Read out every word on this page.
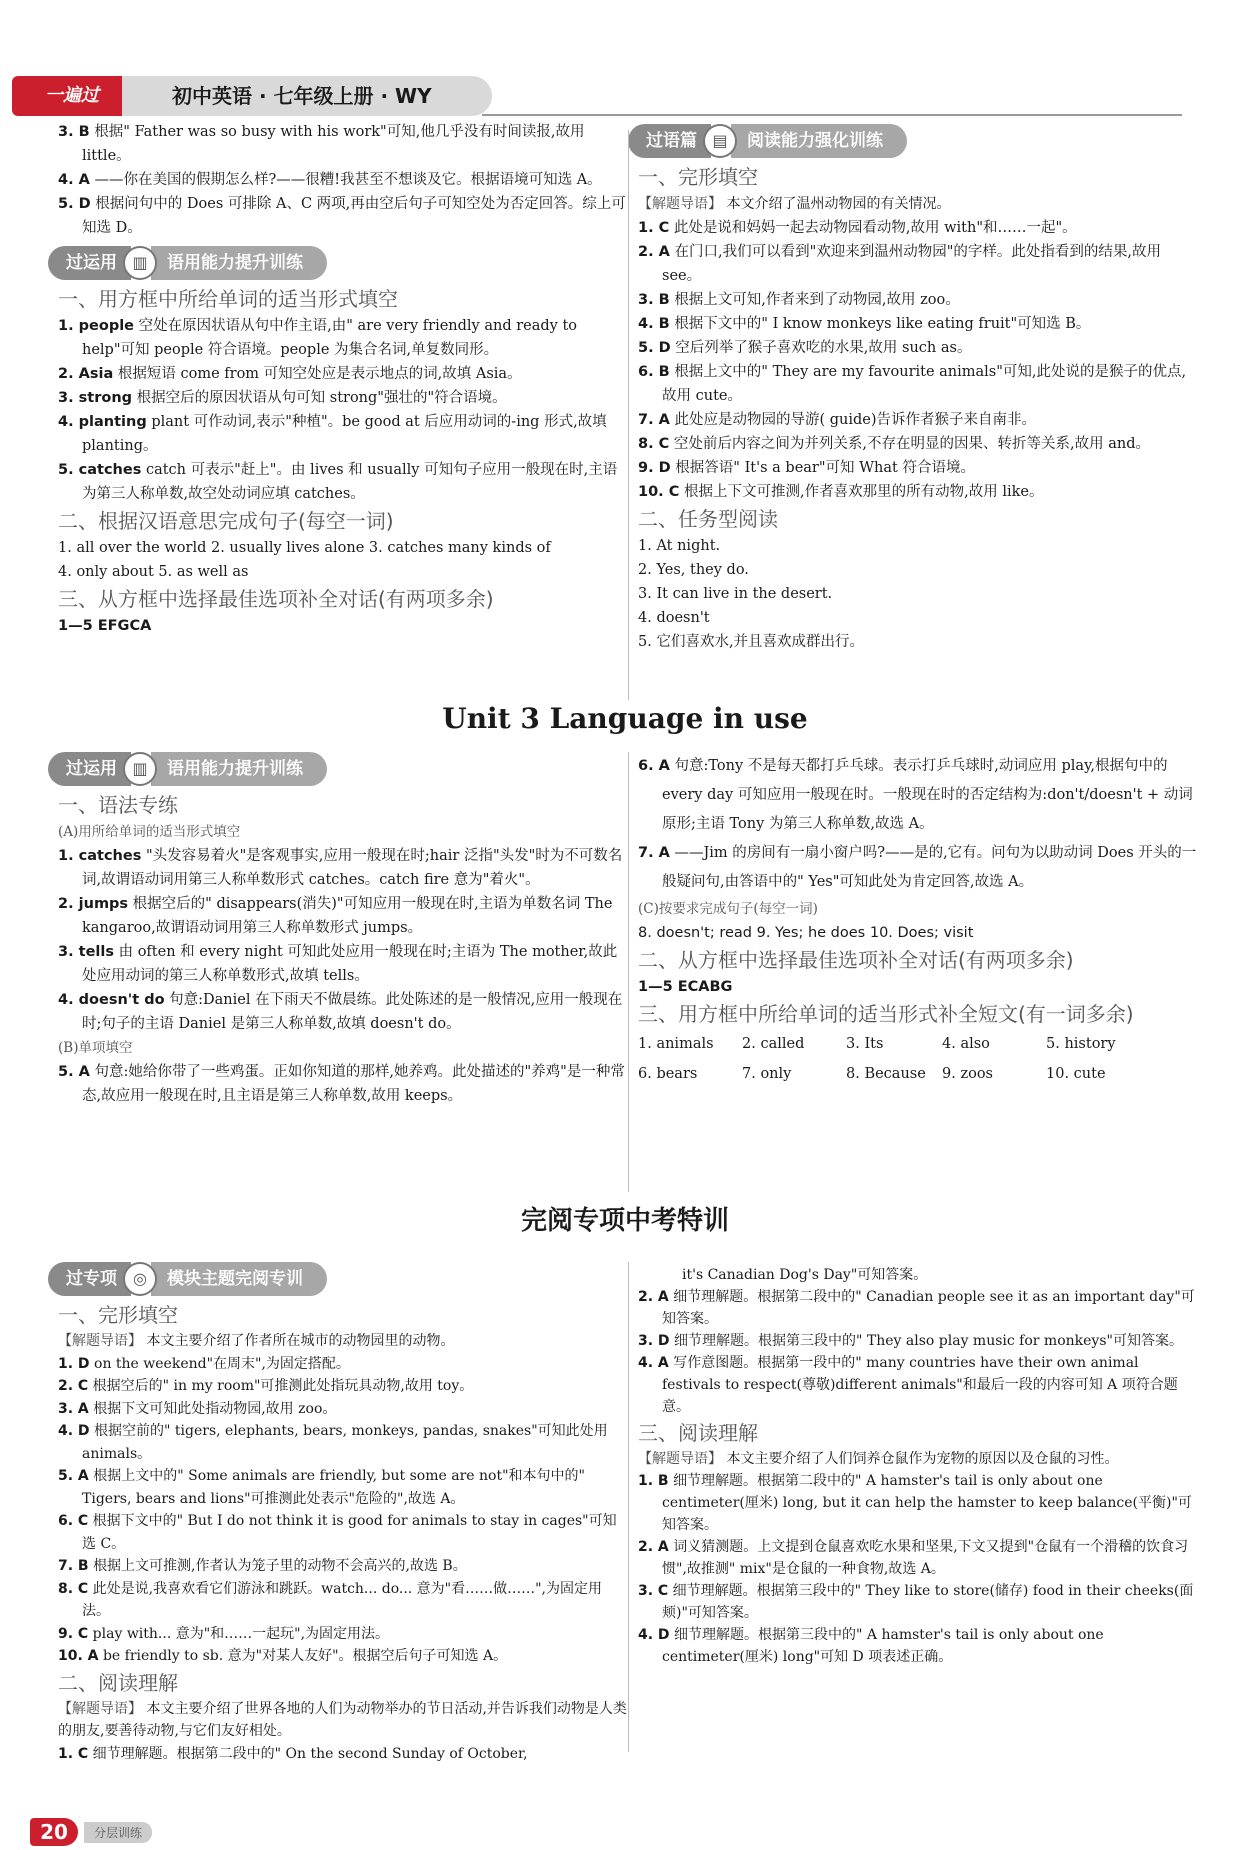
一遍过	初中英语 · 七年级上册 · WY

3. B 根据" Father was so busy with his work"可知,他几乎没有时间读报,故用 little。

4. A ——你在美国的假期怎么样?——很糟!我甚至不想谈及它。根据语境可知选 A。

5. D 根据问句中的 Does 可排除 A、C 两项,再由空后句子可知空处为否定回答。综上可知选 D。

过运用 ▥	语用能力提升训练

一、用方框中所给单词的适当形式填空

1. people 空处在原因状语从句中作主语,由" are very friendly and ready to help"可知 people 符合语境。people 为集合名词,单复数同形。

2. Asia 根据短语 come from 可知空处应是表示地点的词,故填 Asia。

3. strong 根据空后的原因状语从句可知 strong"强壮的"符合语境。

4. planting plant 可作动词,表示"种植"。be good at 后应用动词的-ing 形式,故填 planting。

5. catches catch 可表示"赶上"。由 lives 和 usually 可知句子应用一般现在时,主语为第三人称单数,故空处动词应填 catches。

二、根据汉语意思完成句子(每空一词)

1. all over the world 2. usually lives alone 3. catches many kinds of

4. only about 5. as well as

三、从方框中选择最佳选项补全对话(有两项多余)

1—5 EFGCA

过语篇 ▤	阅读能力强化训练

一、完形填空

【解题导语】 本文介绍了温州动物园的有关情况。

1. C 此处是说和妈妈一起去动物园看动物,故用 with"和……一起"。

2. A 在门口,我们可以看到"欢迎来到温州动物园"的字样。此处指看到的结果,故用 see。

3. B 根据上文可知,作者来到了动物园,故用 zoo。

4. B 根据下文中的" I know monkeys like eating fruit"可知选 B。

5. D 空后列举了猴子喜欢吃的水果,故用 such as。

6. B 根据上文中的" They are my favourite animals"可知,此处说的是猴子的优点,故用 cute。

7. A 此处应是动物园的导游( guide)告诉作者猴子来自南非。

8. C 空处前后内容之间为并列关系,不存在明显的因果、转折等关系,故用 and。

9. D 根据答语" It's a bear"可知 What 符合语境。

10. C 根据上下文可推测,作者喜欢那里的所有动物,故用 like。

二、任务型阅读

1. At night.

2. Yes, they do.

3. It can live in the desert.

4. doesn't

5. 它们喜欢水,并且喜欢成群出行。

Unit 3 Language in use
过运用 ▥	语用能力提升训练

一、语法专练

(A)用所给单词的适当形式填空

1. catches "头发容易着火"是客观事实,应用一般现在时;hair 泛指"头发"时为不可数名词,故谓语动词用第三人称单数形式 catches。catch fire 意为"着火"。

2. jumps 根据空后的" disappears(消失)"可知应用一般现在时,主语为单数名词 The kangaroo,故谓语动词用第三人称单数形式 jumps。

3. tells 由 often 和 every night 可知此处应用一般现在时;主语为 The mother,故此处应用动词的第三人称单数形式,故填 tells。

4. doesn't do 句意:Daniel 在下雨天不做晨练。此处陈述的是一般情况,应用一般现在时;句子的主语 Daniel 是第三人称单数,故填 doesn't do。

(B)单项填空

5. A 句意:她给你带了一些鸡蛋。正如你知道的那样,她养鸡。此处描述的"养鸡"是一种常态,故应用一般现在时,且主语是第三人称单数,故用 keeps。

6. A 句意:Tony 不是每天都打乒乓球。表示打乒乓球时,动词应用 play,根据句中的 every day 可知应用一般现在时。一般现在时的否定结构为:don't/doesn't + 动词原形;主语 Tony 为第三人称单数,故选 A。

7. A ——Jim 的房间有一扇小窗户吗?——是的,它有。问句为以助动词 Does 开头的一般疑问句,由答语中的" Yes"可知此处为肯定回答,故选 A。

(C)按要求完成句子(每空一词)

8. doesn't; read 9. Yes; he does 10. Does; visit

二、从方框中选择最佳选项补全对话(有两项多余)

1—5 ECABG

三、用方框中所给单词的适当形式补全短文(有一词多余)

1. animals	2. called	3. Its	4. also	5. history
6. bears	7. only	8. Because	9. zoos	10. cute
完阅专项中考特训
过专项	◎	模块主题完阅专训

一、完形填空

【解题导语】 本文主要介绍了作者所在城市的动物园里的动物。

1. D on the weekend"在周末",为固定搭配。

2. C 根据空后的" in my room"可推测此处指玩具动物,故用 toy。

3. A 根据下文可知此处指动物园,故用 zoo。

4. D 根据空前的" tigers, elephants, bears, monkeys, pandas, snakes"可知此处用 animals。

5. A 根据上文中的" Some animals are friendly, but some are not"和本句中的" Tigers, bears and lions"可推测此处表示"危险的",故选 A。

6. C 根据下文中的" But I do not think it is good for animals to stay in cages"可知选 C。

7. B 根据上文可推测,作者认为笼子里的动物不会高兴的,故选 B。

8. C 此处是说,我喜欢看它们游泳和跳跃。watch... do... 意为"看……做……",为固定用法。

9. C play with... 意为"和……一起玩",为固定用法。

10. A be friendly to sb. 意为"对某人友好"。根据空后句子可知选 A。

二、阅读理解

【解题导语】 本文主要介绍了世界各地的人们为动物举办的节日活动,并告诉我们动物是人类的朋友,要善待动物,与它们友好相处。

1. C 细节理解题。根据第二段中的" On the second Sunday of October,

it's Canadian Dog's Day"可知答案。

2. A 细节理解题。根据第二段中的" Canadian people see it as an important day"可知答案。

3. D 细节理解题。根据第三段中的" They also play music for monkeys"可知答案。

4. A 写作意图题。根据第一段中的" many countries have their own animal festivals to respect(尊敬)different animals"和最后一段的内容可知 A 项符合题意。

三、阅读理解

【解题导语】 本文主要介绍了人们饲养仓鼠作为宠物的原因以及仓鼠的习性。

1. B 细节理解题。根据第二段中的" A hamster's tail is only about one centimeter(厘米) long, but it can help the hamster to keep balance(平衡)"可知答案。

2. A 词义猜测题。上文提到仓鼠喜欢吃水果和坚果,下文又提到"仓鼠有一个滑稽的饮食习惯",故推测" mix"是仓鼠的一种食物,故选 A。

3. C 细节理解题。根据第三段中的" They like to store(储存) food in their cheeks(面颊)"可知答案。

4. D 细节理解题。根据第三段中的" A hamster's tail is only about one centimeter(厘米) long"可知 D 项表述正确。

20	分层训练
